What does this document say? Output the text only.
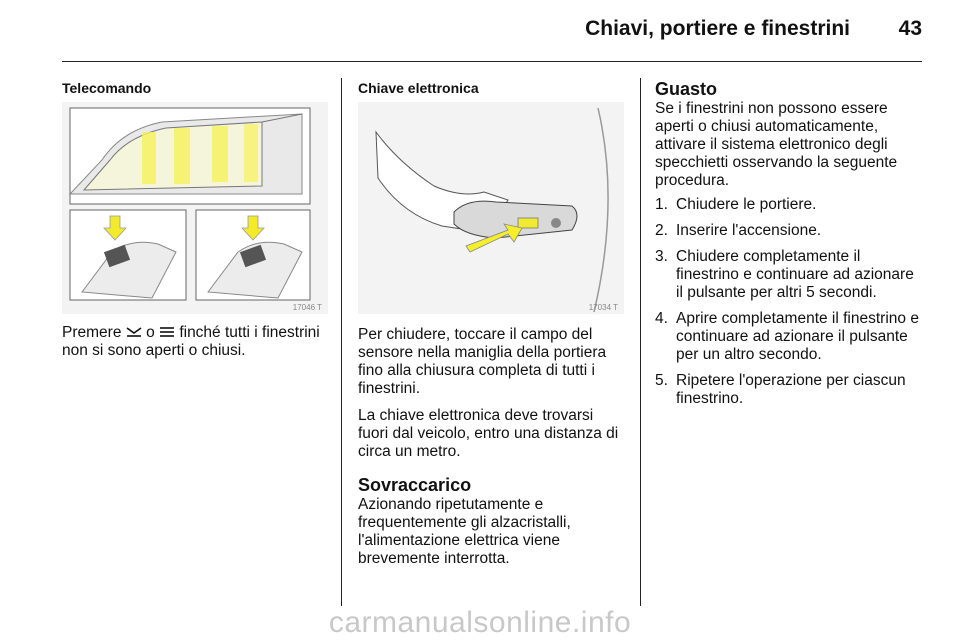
Chiavi, portiere e finestrini	43
Telecomando
17046 T

Premere o finché tutti i finestrini non si sono aperti o chiusi.

Chiave elettronica
17034 T

Per chiudere, toccare il campo del sensore nella maniglia della portiera fino alla chiusura completa di tutti i finestrini.

La chiave elettronica deve trovarsi fuori dal veicolo, entro una distanza di circa un metro.

Sovraccarico

Azionando ripetutamente e frequentemente gli alzacristalli, l'alimentazione elettrica viene brevemente interrotta.

Guasto

Se i finestrini non possono essere aperti o chiusi automaticamente, attivare il sistema elettronico degli specchietti osservando la seguente procedura.

1. Chiudere le portiere.
2. Inserire l'accensione.
3. Chiudere completamente il finestrino e continuare ad azionare il pulsante per altri 5 secondi.
4. Aprire completamente il finestrino e continuare ad azionare il pulsante per un altro secondo.
5. Ripetere l'operazione per ciascun finestrino.
carmanualsonline.info
